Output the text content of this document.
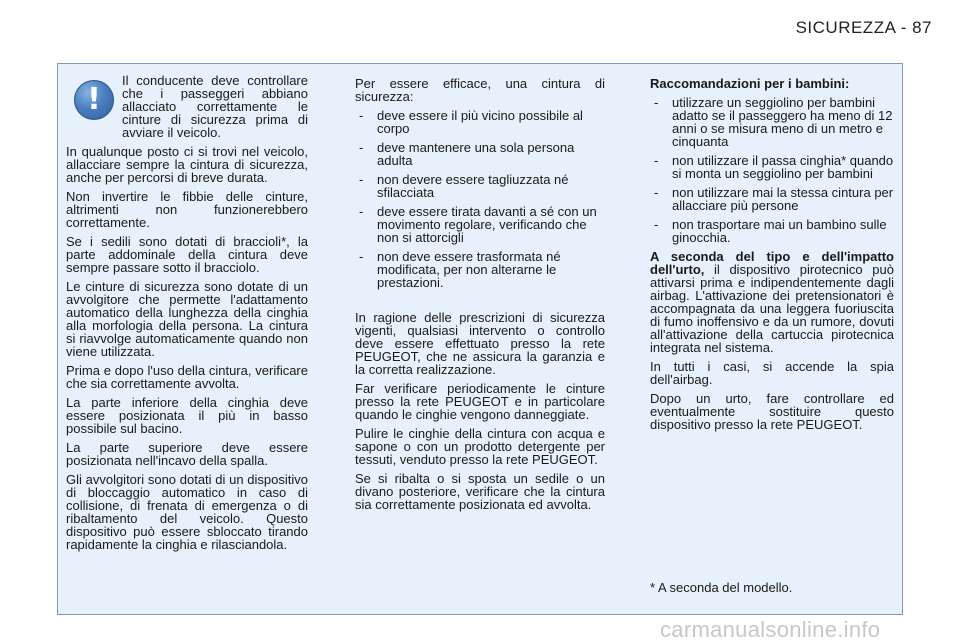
SICUREZZA - 87
!

Il conducente deve controllare che i passeggeri abbiano allacciato correttamente le cinture di sicurezza prima di avviare il veicolo.

In qualunque posto ci si trovi nel veicolo, allacciare sempre la cintura di sicurezza, anche per percorsi di breve durata.

Non invertire le fibbie delle cinture, altrimenti non funzionerebbero correttamente.

Se i sedili sono dotati di braccioli*, la parte addominale della cintura deve sempre passare sotto il bracciolo.

Le cinture di sicurezza sono dotate di un avvolgitore che permette l'adattamento automatico della lunghezza della cinghia alla morfologia della persona. La cintura si riavvolge automaticamente quando non viene utilizzata.

Prima e dopo l'uso della cintura, verificare che sia correttamente avvolta.

La parte inferiore della cinghia deve essere posizionata il più in basso possibile sul bacino.

La parte superiore deve essere posizionata nell'incavo della spalla.

Gli avvolgitori sono dotati di un dispositivo di bloccaggio automatico in caso di collisione, di frenata di emergenza o di ribaltamento del veicolo. Questo dispositivo può essere sbloccato tirando rapidamente la cinghia e rilasciandola.

Per essere efficace, una cintura di sicurezza:

- deve essere il più vicino possibile al corpo
- deve mantenere una sola persona adulta
- non devere essere tagliuzzata né sfilacciata
- deve essere tirata davanti a sé con un movimento regolare, verificando che non si attorcigli
- non deve essere trasformata né modificata, per non alterarne le prestazioni.

In ragione delle prescrizioni di sicurezza vigenti, qualsiasi intervento o controllo deve essere effettuato presso la rete PEUGEOT, che ne assicura la garanzia e la corretta realizzazione.

Far verificare periodicamente le cinture presso la rete PEUGEOT e in particolare quando le cinghie vengono danneggiate.

Pulire le cinghie della cintura con acqua e sapone o con un prodotto detergente per tessuti, venduto presso la rete PEUGEOT.

Se si ribalta o si sposta un sedile o un divano posteriore, verificare che la cintura sia correttamente posizionata ed avvolta.

Raccomandazioni per i bambini:

- utilizzare un seggiolino per bambini adatto se il passeggero ha meno di 12 anni o se misura meno di un metro e cinquanta
- non utilizzare il passa cinghia* quando si monta un seggiolino per bambini
- non utilizzare mai la stessa cintura per allacciare più persone
- non trasportare mai un bambino sulle ginocchia.

A seconda del tipo e dell'impatto dell'urto, il dispositivo pirotecnico può attivarsi prima e indipendentemente dagli airbag. L'attivazione dei pretensionatori è accompagnata da una leggera fuoriuscita di fumo inoffensivo e da un rumore, dovuti all'attivazione della cartuccia pirotecnica integrata nel sistema.

In tutti i casi, si accende la spia dell'airbag.

Dopo un urto, fare controllare ed eventualmente sostituire questo dispositivo presso la rete PEUGEOT.

* A seconda del modello.
carmanualsonline.info
